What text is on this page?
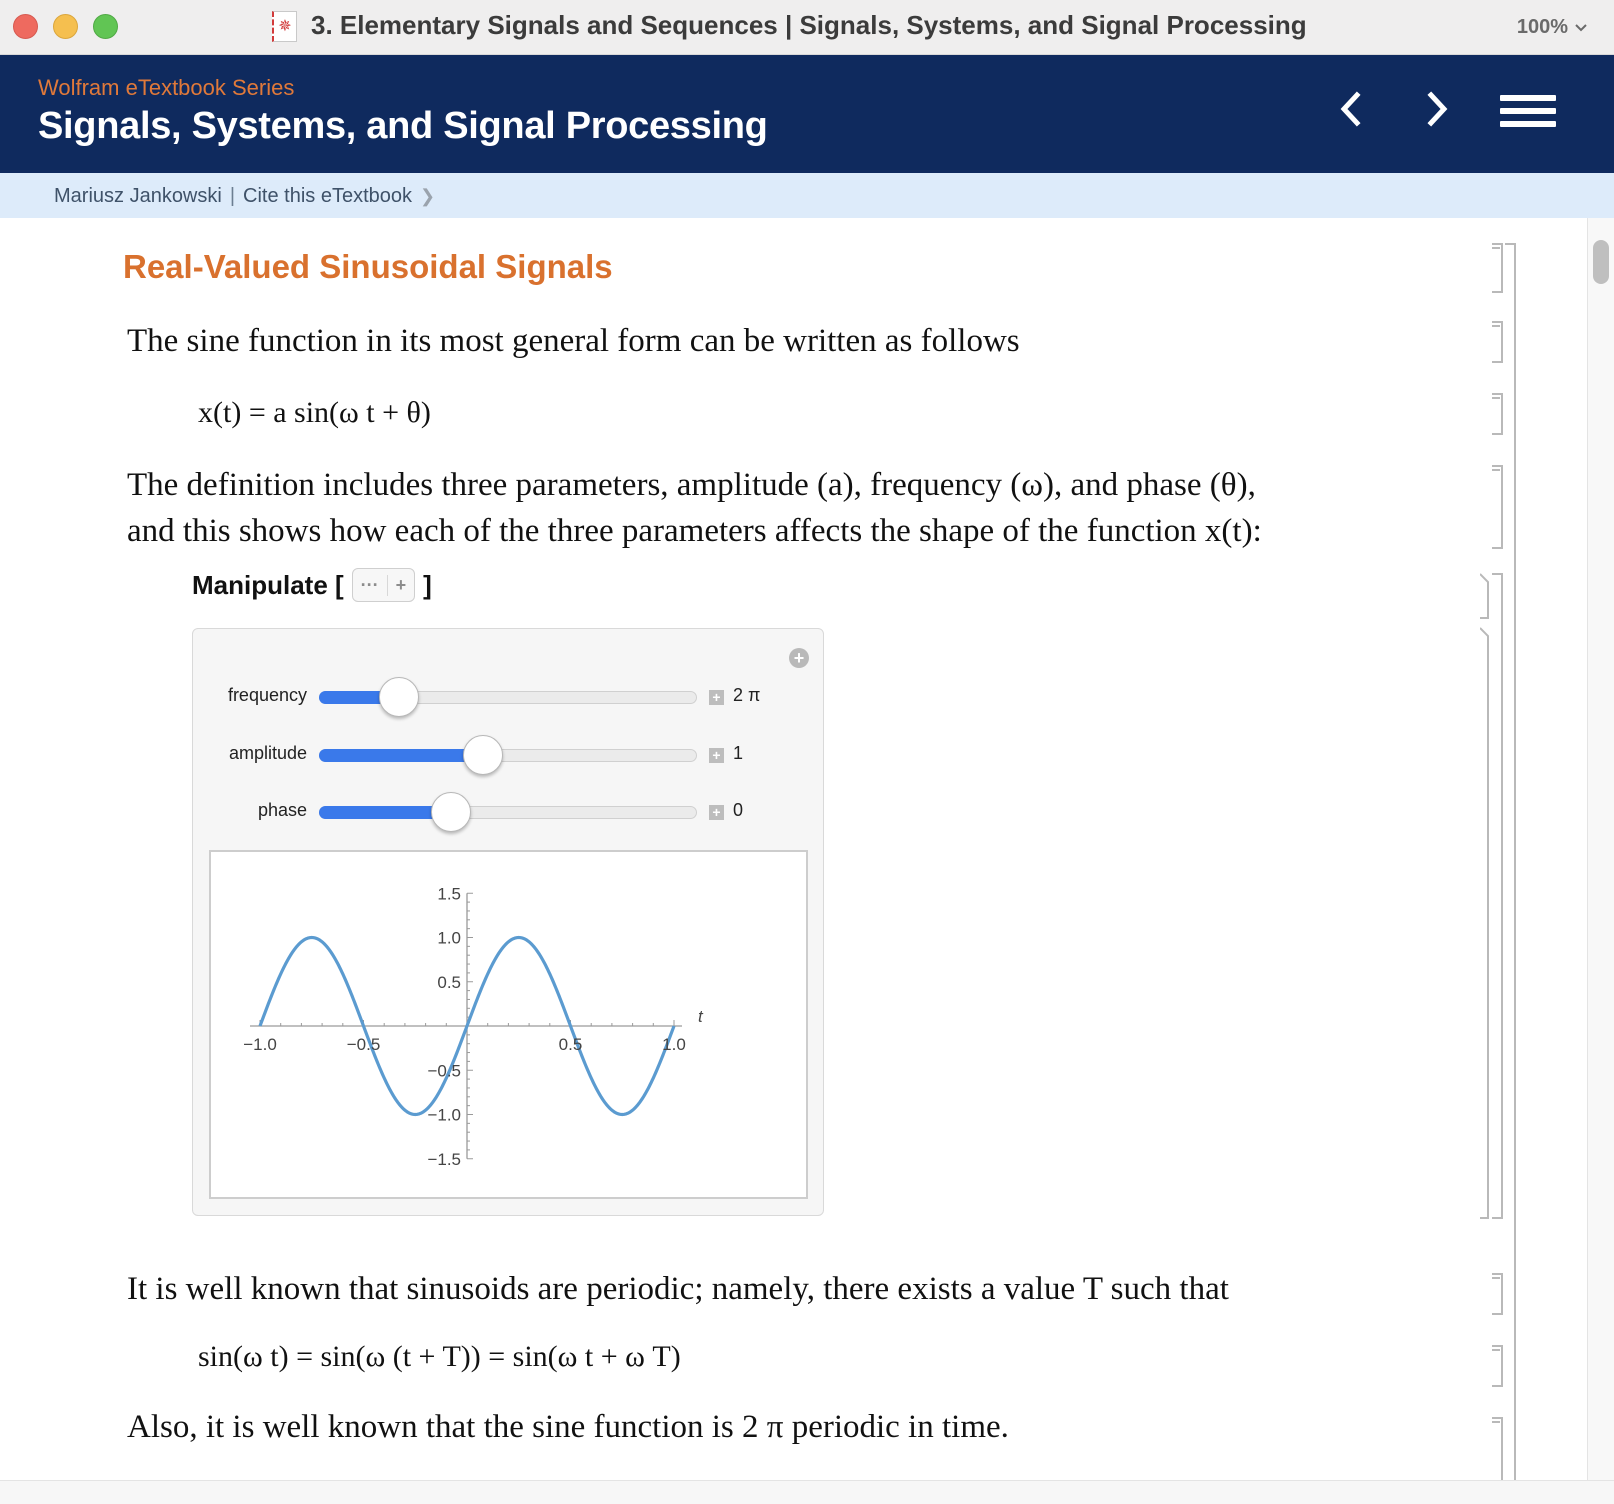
✵ 3. Elementary Signals and Sequences | Signals, Systems, and Signal Processing	100%
Wolfram eTextbook Series
Signals, Systems, and Signal Processing
Mariusz Jankowski | Cite this eTextbook ❯
Real-Valued Sinusoidal Signals
The sine function in its most general form can be written as follows
x(t) = a sin(ω t + θ)
The definition includes three parameters, amplitude (a), frequency (ω), and phase (θ),
and this shows how each of the three parameters affects the shape of the function x(t):
Manipulate [ ··· + ]
+
frequency	+ 2 π
amplitude	+ 1
phase	+ 0
−1.0	−0.5	0.5	1.0
1.5
1.0
0.5
−0.5
−1.0
−1.5
t
It is well known that sinusoids are periodic; namely, there exists a value T such that
sin(ω t) = sin(ω (t + T)) = sin(ω t + ω T)
Also, it is well known that the sine function is 2 π periodic in time.
